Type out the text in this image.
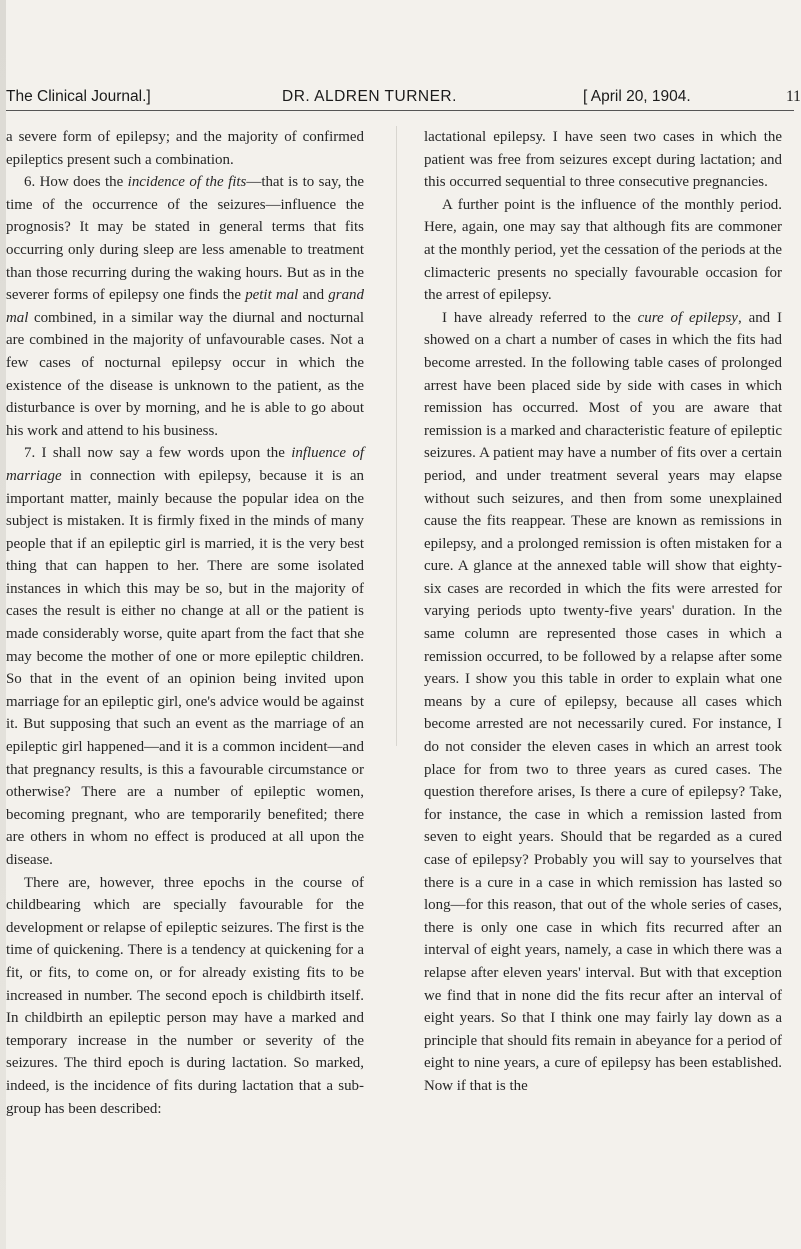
The Clinical Journal.]	DR. ALDREN TURNER.	[ April 20, 1904.	11

a severe form of epilepsy; and the majority of confirmed epileptics present such a combination.

6. How does the incidence of the fits—that is to say, the time of the occurrence of the seizures—influence the prognosis? It may be stated in general terms that fits occurring only during sleep are less amenable to treatment than those recurring during the waking hours. But as in the severer forms of epilepsy one finds the petit mal and grand mal combined, in a similar way the diurnal and nocturnal are combined in the majority of unfavourable cases. Not a few cases of nocturnal epilepsy occur in which the existence of the disease is unknown to the patient, as the disturbance is over by morning, and he is able to go about his work and attend to his business.

7. I shall now say a few words upon the influence of marriage in connection with epilepsy, because it is an important matter, mainly because the popular idea on the subject is mistaken. It is firmly fixed in the minds of many people that if an epileptic girl is married, it is the very best thing that can happen to her. There are some isolated instances in which this may be so, but in the majority of cases the result is either no change at all or the patient is made considerably worse, quite apart from the fact that she may become the mother of one or more epileptic children. So that in the event of an opinion being invited upon marriage for an epileptic girl, one's advice would be against it. But supposing that such an event as the marriage of an epileptic girl happened—and it is a common incident—and that pregnancy results, is this a favourable circumstance or otherwise? There are a number of epileptic women, becoming pregnant, who are temporarily benefited; there are others in whom no effect is produced at all upon the disease.

There are, however, three epochs in the course of childbearing which are specially favourable for the development or relapse of epileptic seizures. The first is the time of quickening. There is a tendency at quickening for a fit, or fits, to come on, or for already existing fits to be increased in number. The second epoch is childbirth itself. In childbirth an epileptic person may have a marked and temporary increase in the number or severity of the seizures. The third epoch is during lactation. So marked, indeed, is the incidence of fits during lactation that a sub-group has been described:

lactational epilepsy. I have seen two cases in which the patient was free from seizures except during lactation; and this occurred sequential to three consecutive pregnancies.

A further point is the influence of the monthly period. Here, again, one may say that although fits are commoner at the monthly period, yet the cessation of the periods at the climacteric presents no specially favourable occasion for the arrest of epilepsy.

I have already referred to the cure of epilepsy, and I showed on a chart a number of cases in which the fits had become arrested. In the following table cases of prolonged arrest have been placed side by side with cases in which remission has occurred. Most of you are aware that remission is a marked and characteristic feature of epileptic seizures. A patient may have a number of fits over a certain period, and under treatment several years may elapse without such seizures, and then from some unexplained cause the fits reappear. These are known as remissions in epilepsy, and a prolonged remission is often mistaken for a cure. A glance at the annexed table will show that eighty-six cases are recorded in which the fits were arrested for varying periods upto twenty-five years' duration. In the same column are represented those cases in which a remission occurred, to be followed by a relapse after some years. I show you this table in order to explain what one means by a cure of epilepsy, because all cases which become arrested are not necessarily cured. For instance, I do not consider the eleven cases in which an arrest took place for from two to three years as cured cases. The question therefore arises, Is there a cure of epilepsy? Take, for instance, the case in which a remission lasted from seven to eight years. Should that be regarded as a cured case of epilepsy? Probably you will say to yourselves that there is a cure in a case in which remission has lasted so long—for this reason, that out of the whole series of cases, there is only one case in which fits recurred after an interval of eight years, namely, a case in which there was a relapse after eleven years' interval. But with that exception we find that in none did the fits recur after an interval of eight years. So that I think one may fairly lay down as a principle that should fits remain in abeyance for a period of eight to nine years, a cure of epilepsy has been established. Now if that is the
